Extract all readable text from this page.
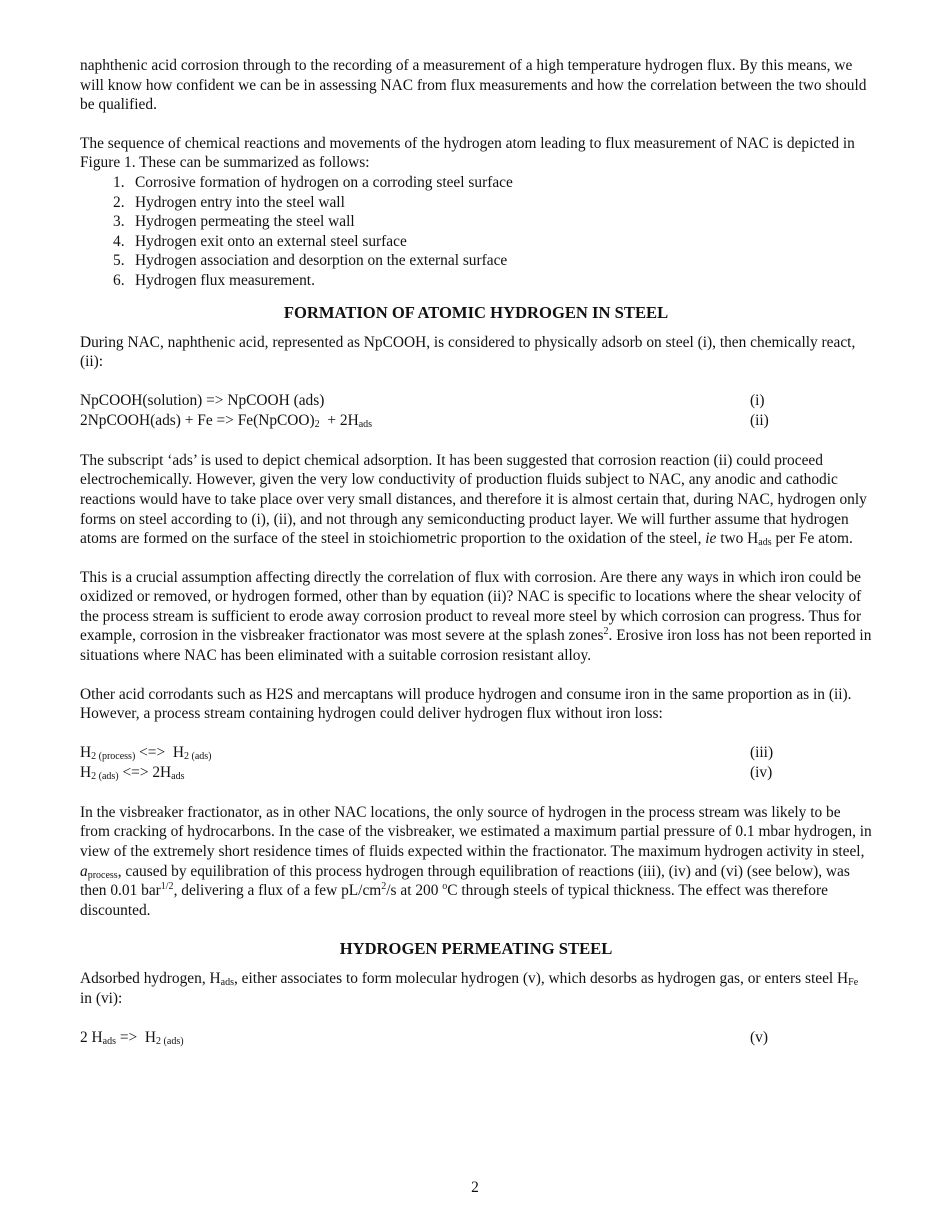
naphthenic acid corrosion through to the recording of a measurement of a high temperature hydrogen flux. By this means, we will know how confident we can be in assessing NAC from flux measurements and how the correlation between the two should be qualified.

The sequence of chemical reactions and movements of the hydrogen atom leading to flux measurement of NAC is depicted in Figure 1. These can be summarized as follows:

1. Corrosive formation of hydrogen on a corroding steel surface
2. Hydrogen entry into the steel wall
3. Hydrogen permeating the steel wall
4. Hydrogen exit onto an external steel surface
5. Hydrogen association and desorption on the external surface
6. Hydrogen flux measurement.
FORMATION OF ATOMIC HYDROGEN IN STEEL

During NAC, naphthenic acid, represented as NpCOOH, is considered to physically adsorb on steel (i), then chemically react, (ii):

NpCOOH(solution) => NpCOOH (ads)	(i)
2NpCOOH(ads) + $Fe => Fe(NpCOO)_2 + 2H_{ads}$	(ii)

The subscript ‘ads’ is used to depict chemical adsorption. It has been suggested that corrosion reaction (ii) could proceed electrochemically. However, given the very low conductivity of production fluids subject to NAC, any anodic and cathodic reactions would have to take place over very small distances, and therefore it is almost certain that, during NAC, hydrogen only forms on steel according to (i), (ii), and not through any semiconducting product layer. We will further assume that hydrogen atoms are formed on the surface of the steel in stoichiometric proportion to the oxidation of the steel, ie two $H_{ads}$ per Fe atom.

This is a crucial assumption affecting directly the correlation of flux with corrosion. Are there any ways in which iron could be oxidized or removed, or hydrogen formed, other than by equation (ii)? NAC is specific to locations where the shear velocity of the process stream is sufficient to erode away corrosion product to reveal more steel by which corrosion can progress. Thus for example, corrosion in the visbreaker fractionator was most severe at the splash zones$^2$. Erosive iron loss has not been reported in situations where NAC has been eliminated with a suitable corrosion resistant alloy.

Other acid corrodants such as H2S and mercaptans will produce hydrogen and consume iron in the same proportion as in (ii). However, a process stream containing hydrogen could deliver hydrogen flux without iron loss:

$H_{2 (process)}$ <=>  $H_{2 (ads)}$	(iii)
$H_{2 (ads)}$ <=> $2H_{ads}$	(iv)

In the visbreaker fractionator, as in other NAC locations, the only source of hydrogen in the process stream was likely to be from cracking of hydrocarbons. In the case of the visbreaker, we estimated a maximum partial pressure of 0.1 mbar hydrogen, in view of the extremely short residence times of fluids expected within the fractionator. The maximum hydrogen activity in steel, $a_{process}$, caused by equilibration of this process hydrogen through equilibration of reactions (iii), (iv) and (vi) (see below), was then 0.01 bar$^{1/2}$, delivering a flux of a few $pL/cm^2/s$ at 200 $^o$C through steels of typical thickness. The effect was therefore discounted.

HYDROGEN PERMEATING STEEL

Adsorbed hydrogen, $H_{ads}$, either associates to form molecular hydrogen (v), which desorbs as hydrogen gas, or enters steel $H_{Fe}$ in (vi):

2 $H_{ads} => H_{2 (ads)}$	(v)
2
